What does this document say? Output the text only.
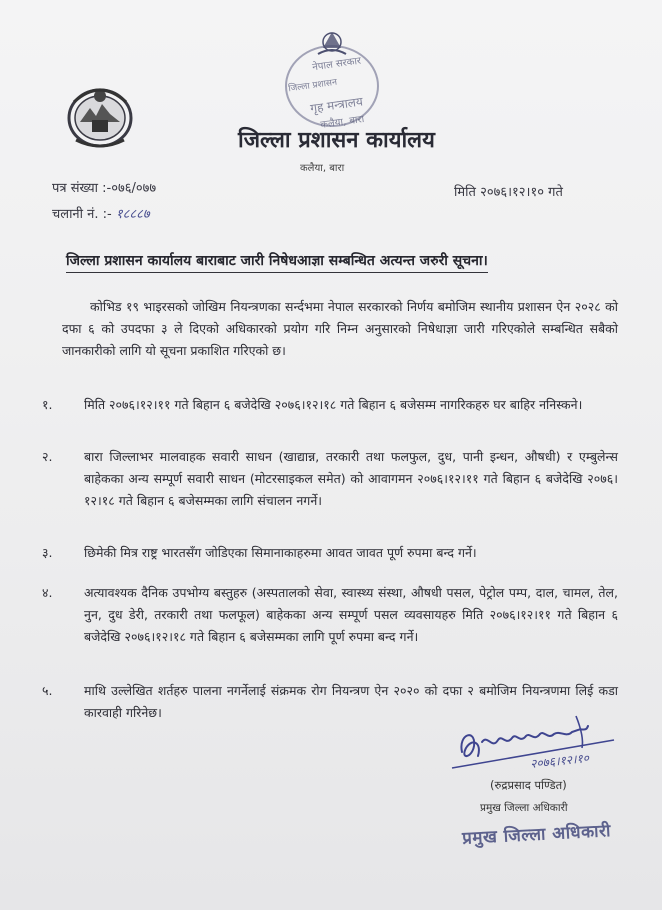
नेपाल सरकार
जिल्ला प्रशासन
गृह मन्त्रालय
कलैया, बारा
जिल्ला प्रशासन कार्यालय
कलैया, बारा
पत्र संख्या :-०७६/०७७
चलानी नं. :- १८८८७
मिति २०७६।१२।१० गते
जिल्ला प्रशासन कार्यालय बाराबाट जारी निषेधआज्ञा सम्बन्धित अत्यन्त जरुरी सूचना।
कोभिड १९ भाइरसको जोखिम नियन्त्रणका सर्न्दभमा नेपाल सरकारको निर्णय बमोजिम स्थानीय प्रशासन ऐन २०२८ को दफा ६ को उपदफा ३ ले दिएको अधिकारको प्रयोग गरि निम्न अनुसारको निषेधाज्ञा जारी गरिएकोले सम्बन्धित सबैको जानकारीको लागि यो सूचना प्रकाशित गरिएको छ।
१.	मिति २०७६।१२।११ गते बिहान ६ बजेदेखि २०७६।१२।१८ गते बिहान ६ बजेसम्म नागरिकहरु घर बाहिर ननिस्कने।
२.	बारा जिल्लाभर मालवाहक सवारी साधन (खाद्यान्न, तरकारी तथा फलफुल, दुध, पानी इन्धन, औषधी) र एम्बुलेन्स बाहेकका अन्य सम्पूर्ण सवारी साधन (मोटरसाइकल समेत) को आवागमन २०७६।१२।११ गते बिहान ६ बजेदेखि २०७६।१२।१८ गते बिहान ६ बजेसम्मका लागि संचालन नगर्ने।
३.	छिमेकी मित्र राष्ट्र भारतसँग जोडिएका सिमानाकाहरुमा आवत जावत पूर्ण रुपमा बन्द गर्ने।
४.	अत्यावश्यक दैनिक उपभोग्य बस्तुहरु (अस्पतालको सेवा, स्वास्थ्य संस्था, औषधी पसल, पेट्रोल पम्प, दाल, चामल, तेल, नुन, दुध डेरी, तरकारी तथा फलफूल) बाहेकका अन्य सम्पूर्ण पसल व्यवसायहरु मिति २०७६।१२।११ गते बिहान ६ बजेदेखि २०७६।१२।१८ गते बिहान ६ बजेसम्मका लागि पूर्ण रुपमा बन्द गर्ने।
५.	माथि उल्लेखित शर्तहरु पालना नगर्नेलाई संक्रमक रोग नियन्त्रण ऐन २०२० को दफा २ बमोजिम नियन्त्रणमा लिई कडा कारवाही गरिनेछ।
२०७६।१२।१०
(रुद्रप्रसाद पण्डित)
प्रमुख जिल्ला अधिकारी
प्रमुख जिल्ला अधिकारी
